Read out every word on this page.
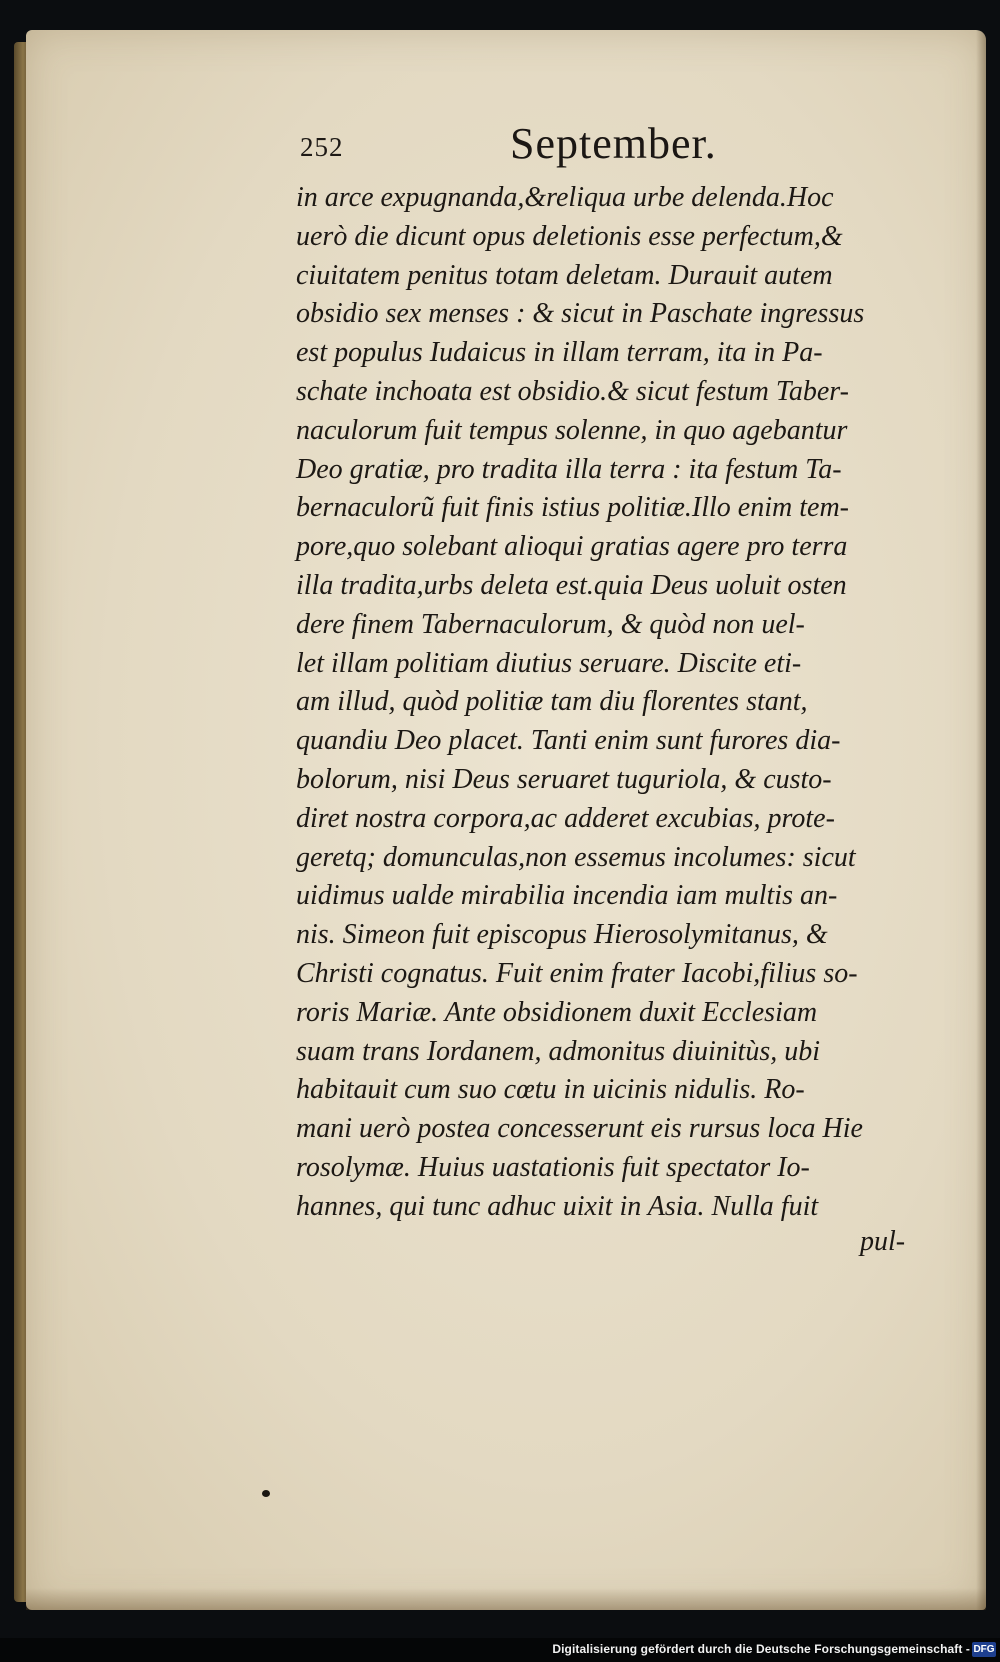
252	September.
in arce expugnanda,&reliqua urbe delenda.Hoc
uerò die dicunt opus deletionis esse perfectum,&
ciuitatem penitus totam deletam. Durauit autem
obsidio sex menses : & sicut in Paschate ingressus
est populus Iudaicus in illam terram, ita in Pa-
schate inchoata est obsidio.& sicut festum Taber-
naculorum fuit tempus solenne, in quo agebantur
Deo gratiæ, pro tradita illa terra : ita festum Ta-
bernaculorũ fuit finis istius politiæ.Illo enim tem-
pore,quo solebant alioqui gratias agere pro terra
illa tradita,urbs deleta est.quia Deus uoluit osten
dere finem Tabernaculorum, & quòd non uel-
let illam politiam diutius seruare. Discite eti-
am illud, quòd politiæ tam diu florentes stant,
quandiu Deo placet. Tanti enim sunt furores dia-
bolorum, nisi Deus seruaret tuguriola, & custo-
diret nostra corpora,ac adderet excubias, prote-
geretq; domunculas,non essemus incolumes: sicut
uidimus ualde mirabilia incendia iam multis an-
nis. Simeon fuit episcopus Hierosolymitanus, &
Christi cognatus. Fuit enim frater Iacobi,filius so-
roris Mariæ. Ante obsidionem duxit Ecclesiam
suam trans Iordanem, admonitus diuinitùs, ubi
habitauit cum suo cœtu in uicinis nidulis. Ro-
mani uerò postea concesserunt eis rursus loca Hie
rosolymæ. Huius uastationis fuit spectator Io-
hannes, qui tunc adhuc uixit in Asia. Nulla fuit
pul-
Digitalisierung gefördert durch die Deutsche Forschungsgemeinschaft - DFG
